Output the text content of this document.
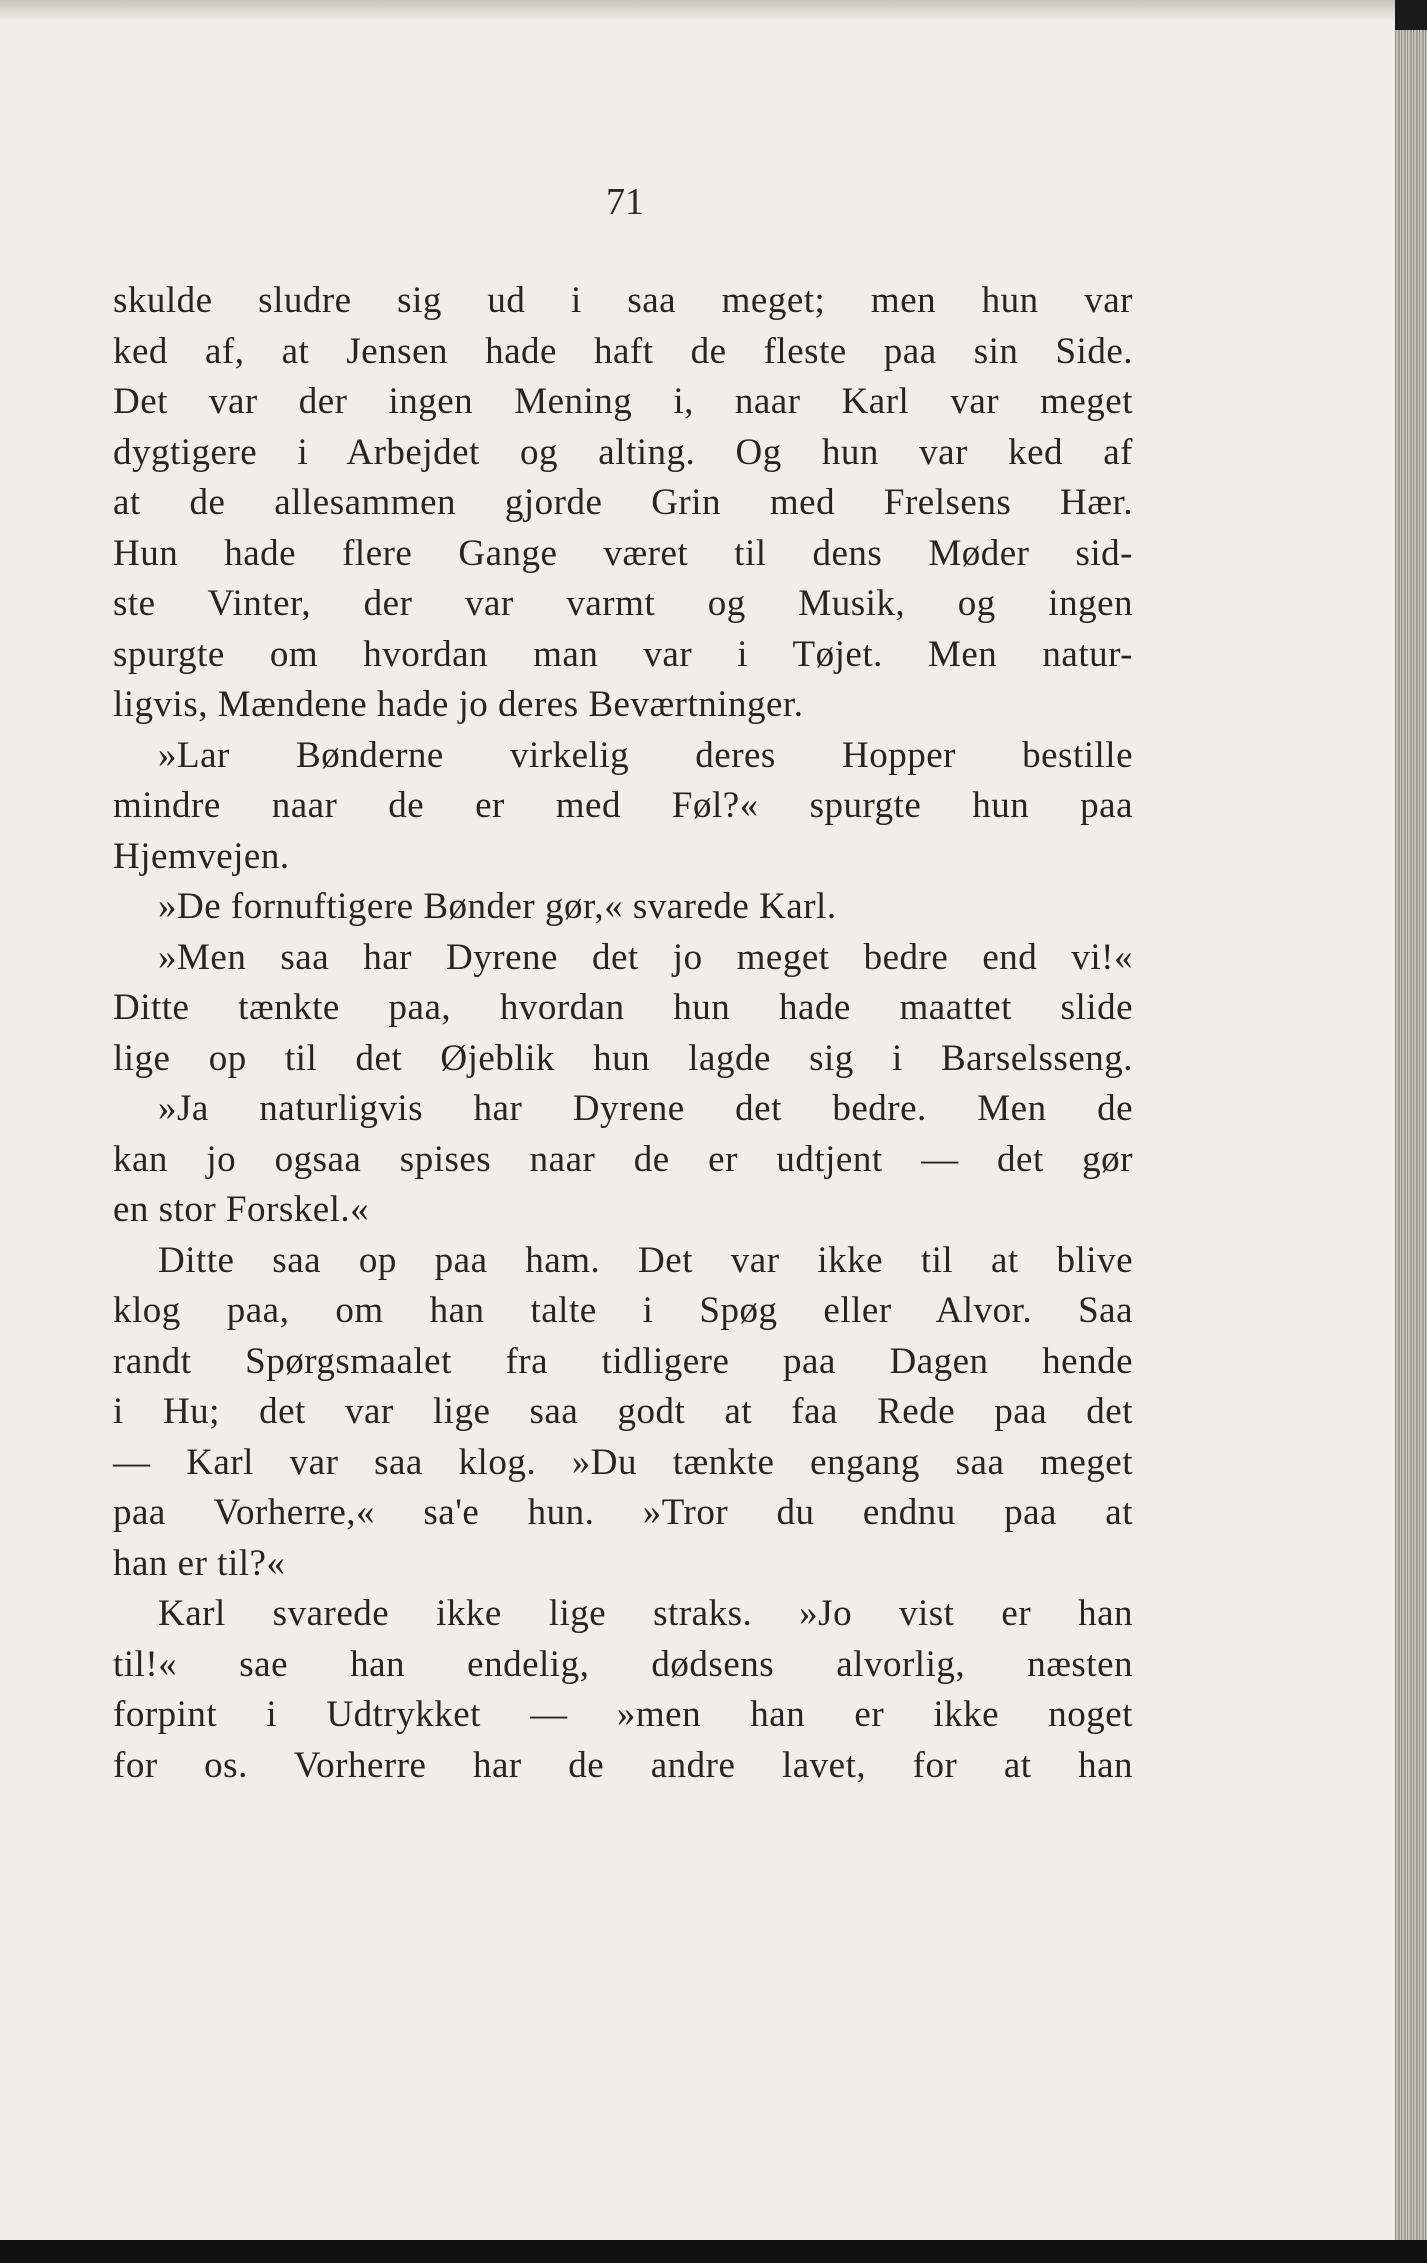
71
skulde sludre sig ud i saa meget; men hun var
ked af, at Jensen hade haft de fleste paa sin Side.
Det var der ingen Mening i, naar Karl var meget
dygtigere i Arbejdet og alting. Og hun var ked af
at de allesammen gjorde Grin med Frelsens Hær.
Hun hade flere Gange været til dens Møder sid-
ste Vinter, der var varmt og Musik, og ingen
spurgte om hvordan man var i Tøjet. Men natur-
ligvis, Mændene hade jo deres Beværtninger.
»Lar Bønderne virkelig deres Hopper bestille
mindre naar de er med Føl?« spurgte hun paa
Hjemvejen.
»De fornuftigere Bønder gør,« svarede Karl.
»Men saa har Dyrene det jo meget bedre end vi!«
Ditte tænkte paa, hvordan hun hade maattet slide
lige op til det Øjeblik hun lagde sig i Barselsseng.
»Ja naturligvis har Dyrene det bedre. Men de
kan jo ogsaa spises naar de er udtjent — det gør
en stor Forskel.«
Ditte saa op paa ham. Det var ikke til at blive
klog paa, om han talte i Spøg eller Alvor. Saa
randt Spørgsmaalet fra tidligere paa Dagen hende
i Hu; det var lige saa godt at faa Rede paa det
— Karl var saa klog. »Du tænkte engang saa meget
paa Vorherre,« sa'e hun. »Tror du endnu paa at
han er til?«
Karl svarede ikke lige straks. »Jo vist er han
til!« sae han endelig, dødsens alvorlig, næsten
forpint i Udtrykket — »men han er ikke noget
for os. Vorherre har de andre lavet, for at han
